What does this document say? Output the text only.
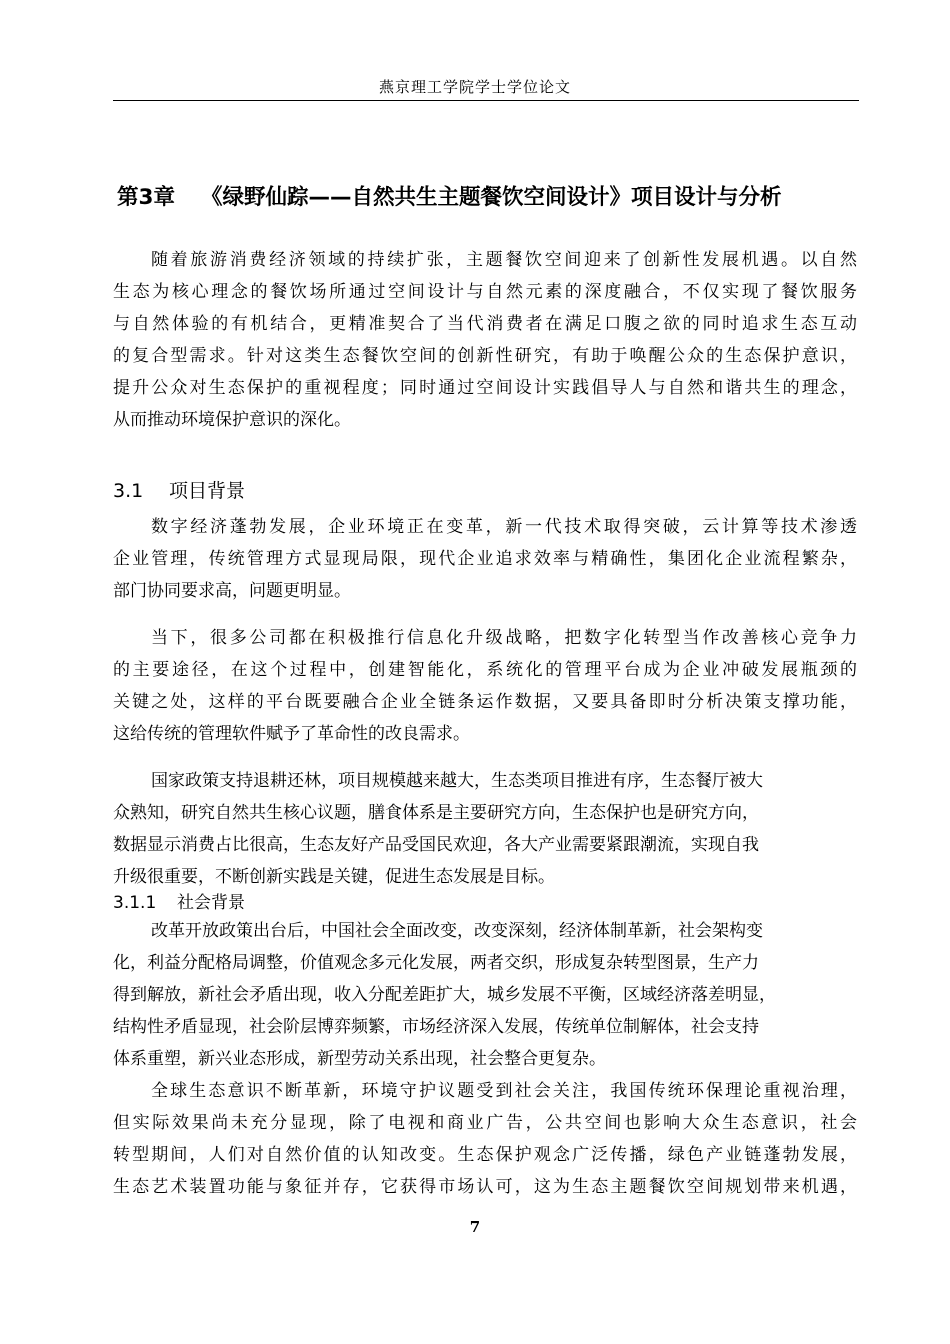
燕京理工学院学士学位论文
第3章 《绿野仙踪——自然共生主题餐饮空间设计》项目设计与分析
随着旅游消费经济领域的持续扩张，主题餐饮空间迎来了创新性发展机遇。以自然
生态为核心理念的餐饮场所通过空间设计与自然元素的深度融合，不仅实现了餐饮服务
与自然体验的有机结合，更精准契合了当代消费者在满足口腹之欲的同时追求生态互动
的复合型需求。针对这类生态餐饮空间的创新性研究，有助于唤醒公众的生态保护意识，
提升公众对生态保护的重视程度；同时通过空间设计实践倡导人与自然和谐共生的理念，
从而推动环境保护意识的深化。
3.1 项目背景
数字经济蓬勃发展，企业环境正在变革，新一代技术取得突破，云计算等技术渗透
企业管理，传统管理方式显现局限，现代企业追求效率与精确性，集团化企业流程繁杂，
部门协同要求高，问题更明显。
当下，很多公司都在积极推行信息化升级战略，把数字化转型当作改善核心竞争力
的主要途径，在这个过程中，创建智能化，系统化的管理平台成为企业冲破发展瓶颈的
关键之处，这样的平台既要融合企业全链条运作数据，又要具备即时分析决策支撑功能，
这给传统的管理软件赋予了革命性的改良需求。
国家政策支持退耕还林，项目规模越来越大，生态类项目推进有序，生态餐厅被大
众熟知，研究自然共生核心议题，膳食体系是主要研究方向，生态保护也是研究方向，
数据显示消费占比很高，生态友好产品受国民欢迎，各大产业需要紧跟潮流，实现自我
升级很重要，不断创新实践是关键，促进生态发展是目标。
3.1.1 社会背景
改革开放政策出台后，中国社会全面改变，改变深刻，经济体制革新，社会架构变
化，利益分配格局调整，价值观念多元化发展，两者交织，形成复杂转型图景，生产力
得到解放，新社会矛盾出现，收入分配差距扩大，城乡发展不平衡，区域经济落差明显，
结构性矛盾显现，社会阶层博弈频繁，市场经济深入发展，传统单位制解体，社会支持
体系重塑，新兴业态形成，新型劳动关系出现，社会整合更复杂。
全球生态意识不断革新，环境守护议题受到社会关注，我国传统环保理论重视治理，
但实际效果尚未充分显现，除了电视和商业广告，公共空间也影响大众生态意识，社会
转型期间，人们对自然价值的认知改变。生态保护观念广泛传播，绿色产业链蓬勃发展，
生态艺术装置功能与象征并存，它获得市场认可，这为生态主题餐饮空间规划带来机遇，
7
